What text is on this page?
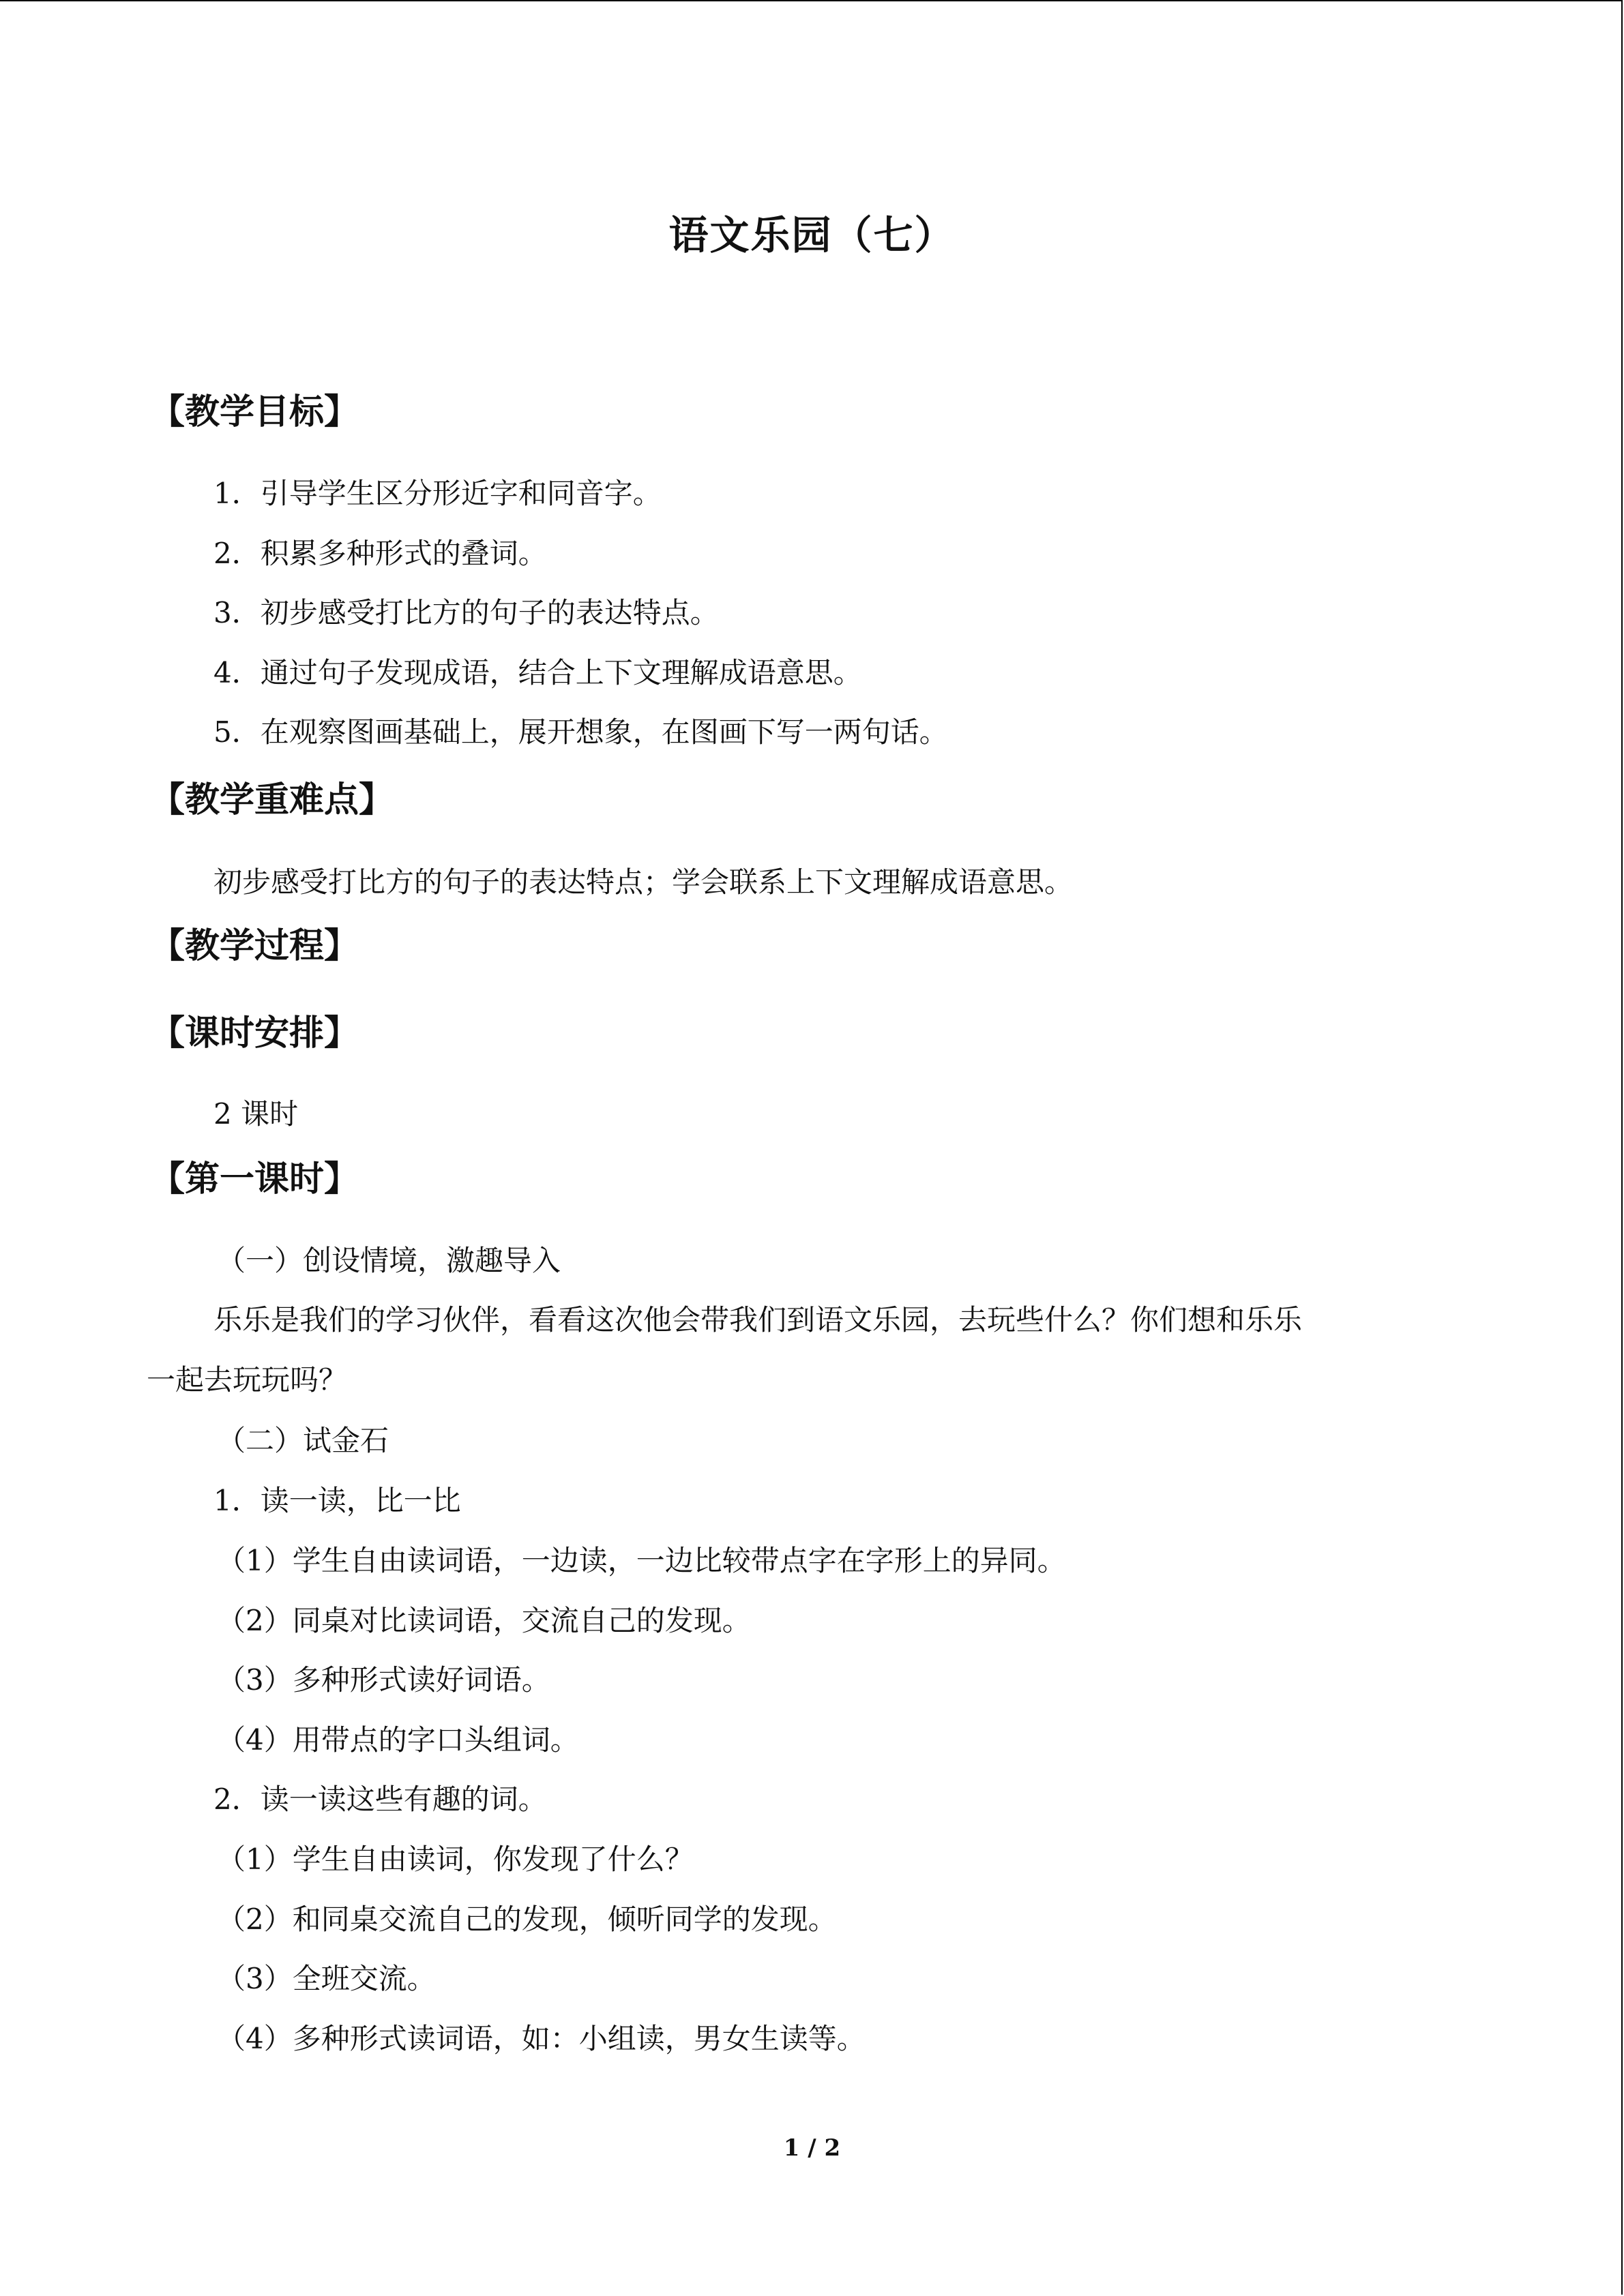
语文乐园（七）
【教学目标】
1．引导学生区分形近字和同音字。
2．积累多种形式的叠词。
3．初步感受打比方的句子的表达特点。
4．通过句子发现成语，结合上下文理解成语意思。
5．在观察图画基础上，展开想象，在图画下写一两句话。
【教学重难点】
初步感受打比方的句子的表达特点；学会联系上下文理解成语意思。
【教学过程】
【课时安排】
2 课时
【第一课时】
（一）创设情境，激趣导入
乐乐是我们的学习伙伴，看看这次他会带我们到语文乐园，去玩些什么？你们想和乐乐
一起去玩玩吗？
（二）试金石
1．读一读，比一比
（1）学生自由读词语，一边读，一边比较带点字在字形上的异同。
（2）同桌对比读词语，交流自己的发现。
（3）多种形式读好词语。
（4）用带点的字口头组词。
2．读一读这些有趣的词。
（1）学生自由读词，你发现了什么？
（2）和同桌交流自己的发现，倾听同学的发现。
（3）全班交流。
（4）多种形式读词语，如：小组读，男女生读等。
1 / 2
